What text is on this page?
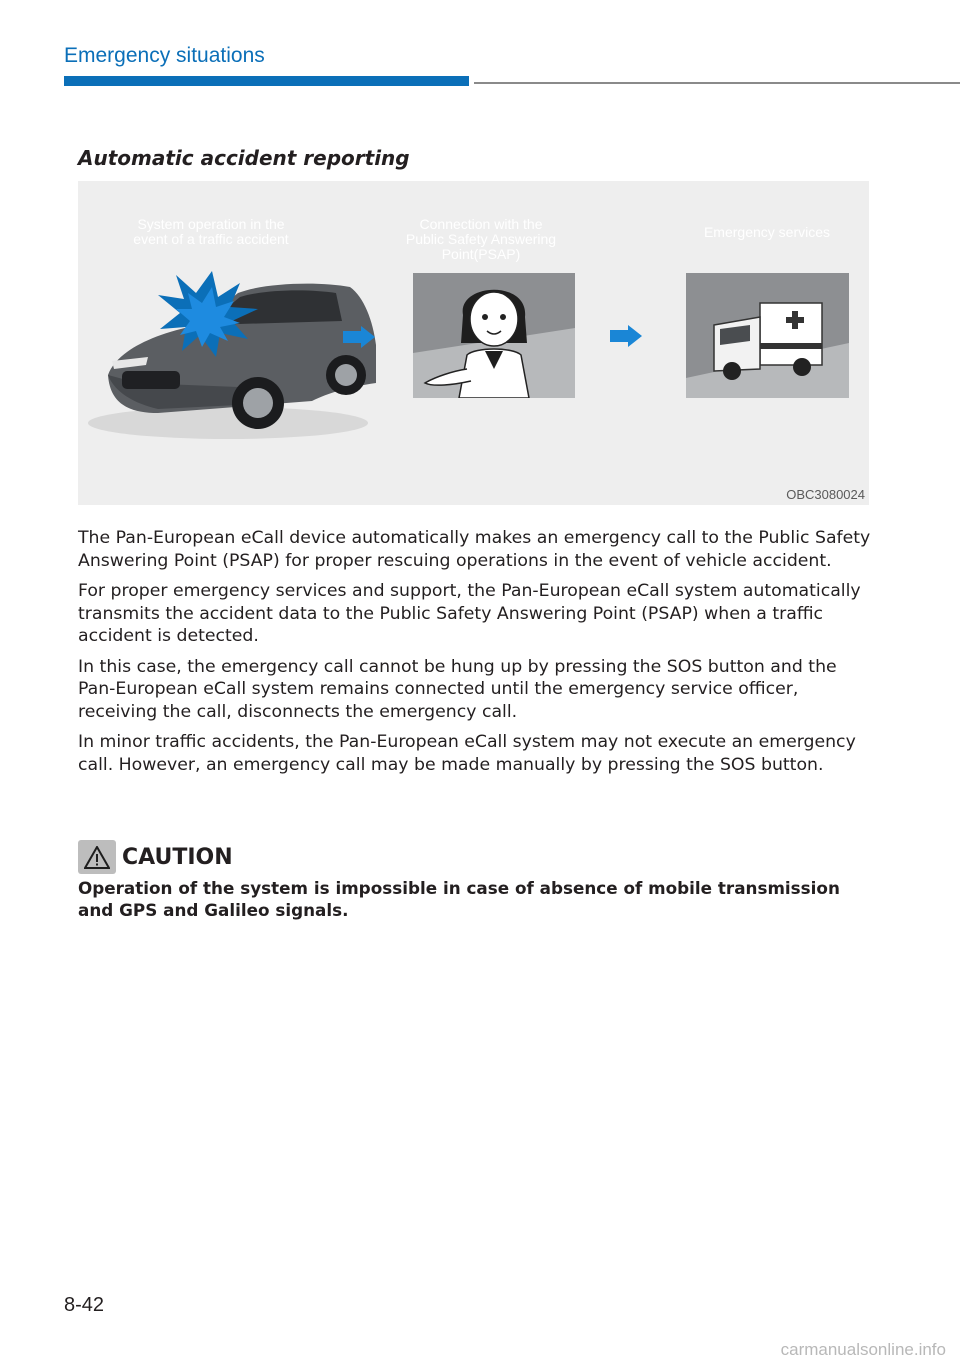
Emergency situations
Automatic accident reporting
System operation in the
event of a traffic accident
Connection with the
Public Safety Answering
Point(PSAP)
Emergency services
OBC3080024

The Pan-European eCall device automatically makes an emergency call to the Public Safety Answering Point (PSAP) for proper rescuing operations in the event of vehicle accident.

For proper emergency services and support, the Pan-European eCall system automatically transmits the accident data to the Public Safety Answering Point (PSAP) when a traffic accident is detected.

In this case, the emergency call cannot be hung up by pressing the SOS button and the Pan-European eCall system remains connected until the emergency service officer, receiving the call, disconnects the emergency call.

In minor traffic accidents, the Pan-European eCall system may not execute an emergency call. However, an emergency call may be made manually by pressing the SOS button.

CAUTION
Operation of the system is impossible in case of absence of mobile transmission and GPS and Galileo signals.
8-42
carmanualsonline.info
